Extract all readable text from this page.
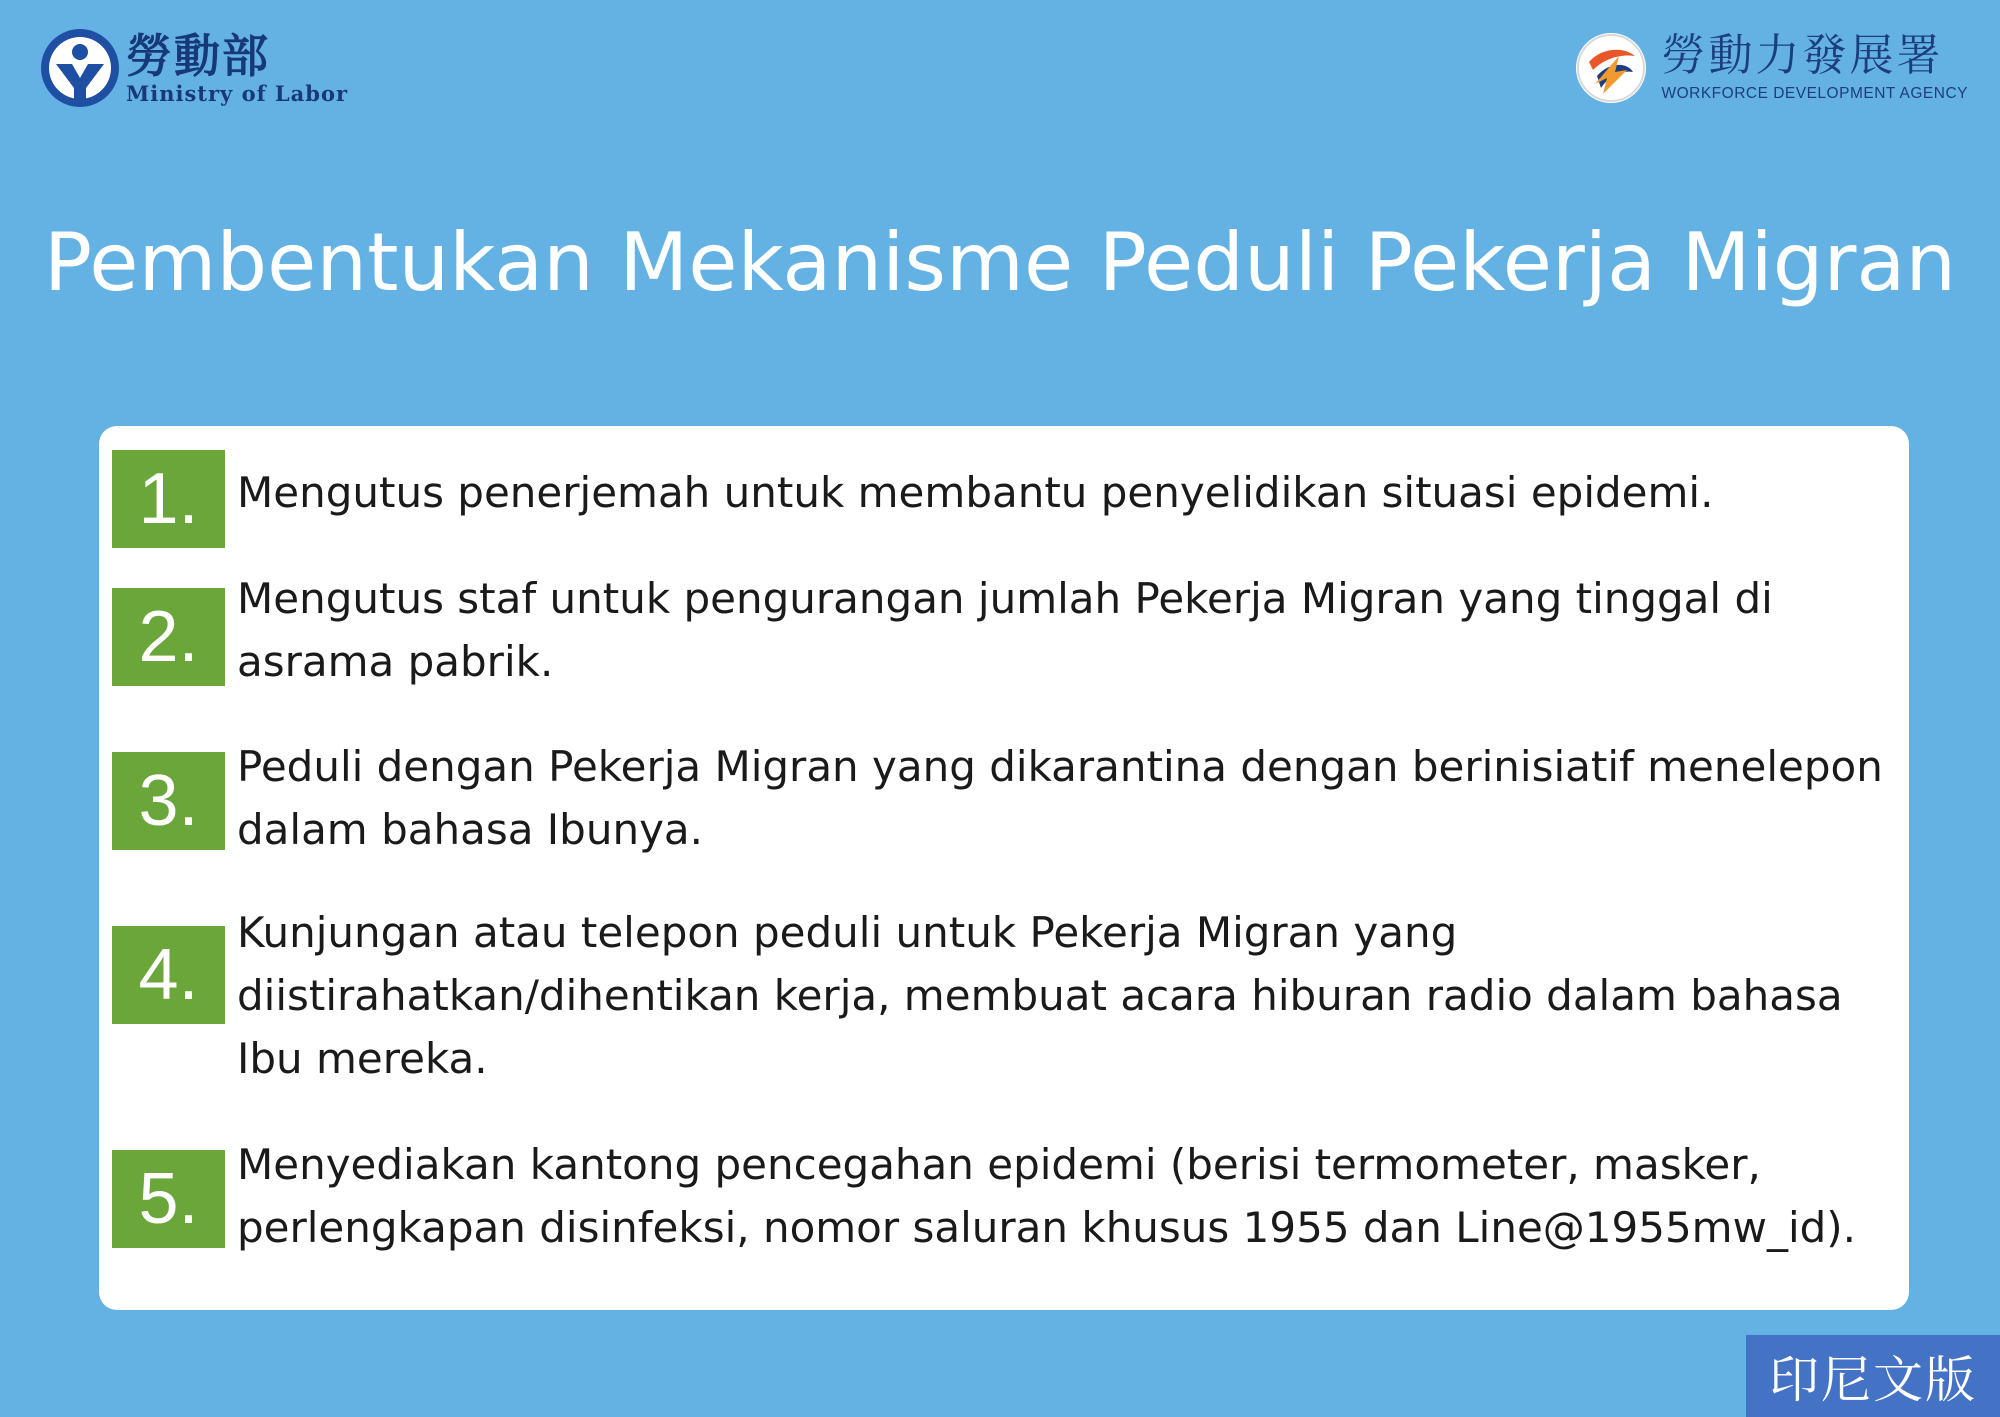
勞動部
Ministry of Labor
勞動力發展署
WORKFORCE DEVELOPMENT AGENCY
Pembentukan Mekanisme Peduli Pekerja Migran
1. Mengutus penerjemah untuk membantu penyelidikan situasi epidemi.
2. Mengutus staf untuk pengurangan jumlah Pekerja Migran yang tinggal di
asrama pabrik.
3. Peduli dengan Pekerja Migran yang dikarantina dengan berinisiatif menelepon
dalam bahasa Ibunya.
4.
Kunjungan atau telepon peduli untuk Pekerja Migran yang
diistirahatkan/dihentikan kerja, membuat acara hiburan radio dalam bahasa
Ibu mereka.
5. Menyediakan kantong pencegahan epidemi (berisi termometer, masker,
perlengkapan disinfeksi, nomor saluran khusus 1955 dan Line@1955mw_id).
印尼文版
